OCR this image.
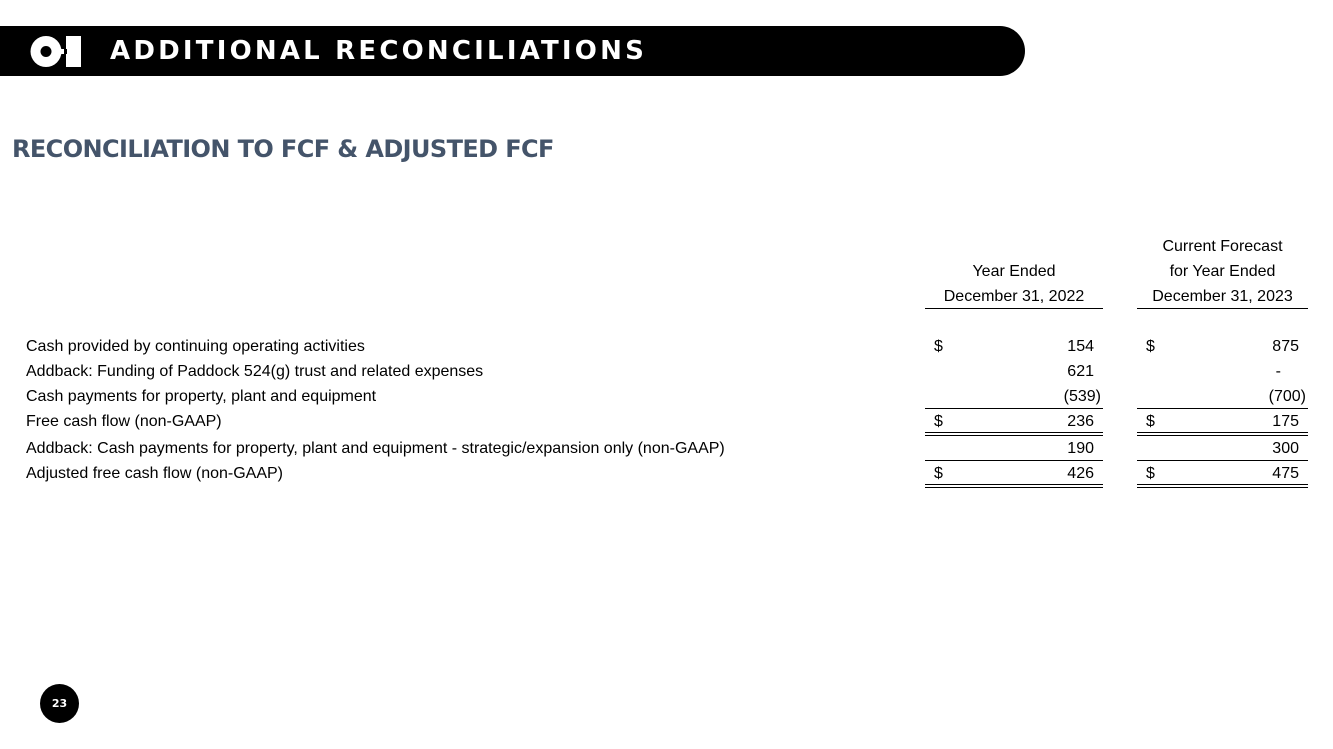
ADDITIONAL RECONCILIATIONS
RECONCILIATION TO FCF & ADJUSTED FCF
Year Ended
December 31, 2022
Current Forecast
for Year Ended
December 31, 2023
Cash provided by continuing operating activities	$	154	$	875
Addback: Funding of Paddock 524(g) trust and related expenses	621	-
Cash payments for property, plant and equipment	(539)	(700)
Free cash flow (non-GAAP)	$	236	$	175
Addback: Cash payments for property, plant and equipment - strategic/expansion only (non-GAAP)	190	300
Adjusted free cash flow (non-GAAP)	$	426	$	475
23
